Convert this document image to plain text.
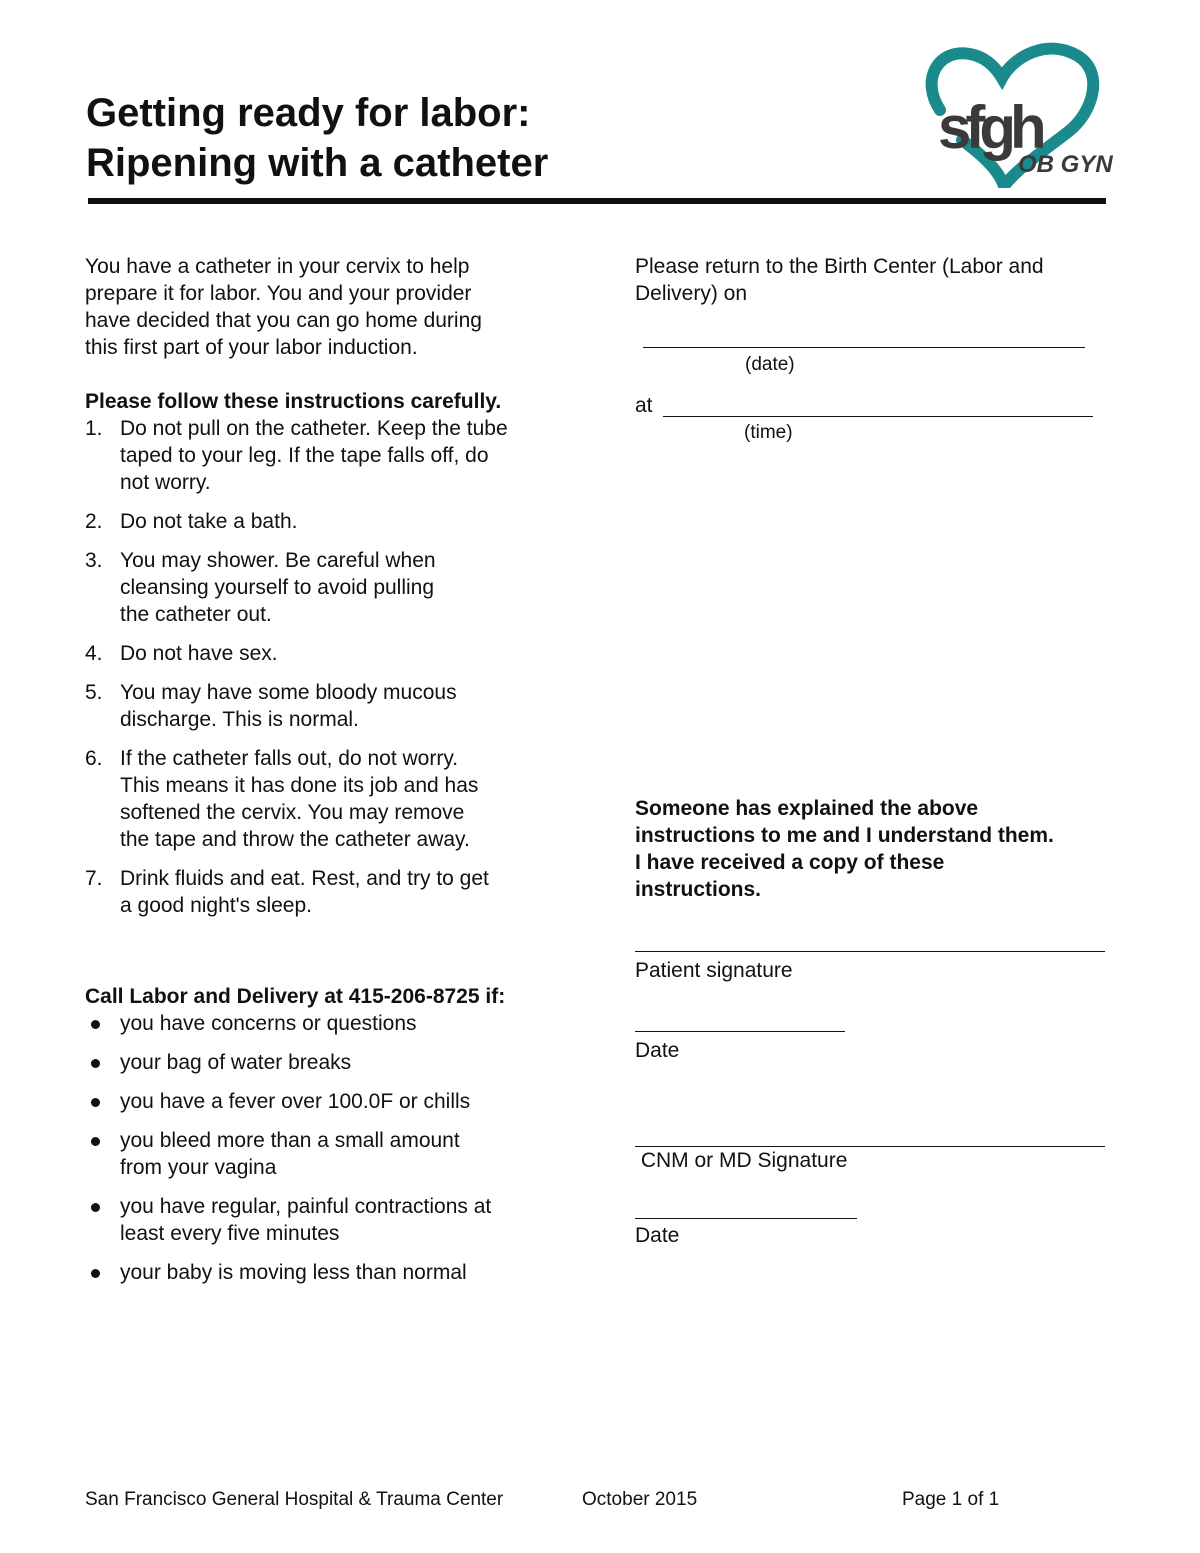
Getting ready for labor:
Ripening with a catheter
sfgh
OB GYN

You have a catheter in your cervix to help
prepare it for labor. You and your provider
have decided that you can go home during
this first part of your labor induction.

Please follow these instructions carefully.

1. Do not pull on the catheter. Keep the tube
taped to your leg. If the tape falls off, do
not worry.
2. Do not take a bath.
3. You may shower. Be careful when
cleansing yourself to avoid pulling
the catheter out.
4. Do not have sex.
5. You may have some bloody mucous
discharge. This is normal.
6. If the catheter falls out, do not worry.
This means it has done its job and has
softened the cervix. You may remove
the tape and throw the catheter away.
7. Drink fluids and eat. Rest, and try to get
a good night's sleep.

Call Labor and Delivery at 415-206-8725 if:

you have concerns or questions
your bag of water breaks
you have a fever over 100.0F or chills
you bleed more than a small amount
from your vagina
you have regular, painful contractions at
least every five minutes
your baby is moving less than normal

Please return to the Birth Center (Labor and
Delivery) on

(date)
at
(time)

Someone has explained the above
instructions to me and I understand them.
I have received a copy of these
instructions.

Patient signature
Date
CNM or MD Signature
Date
San Francisco General Hospital & Trauma Center	October 2015	Page 1 of 1
